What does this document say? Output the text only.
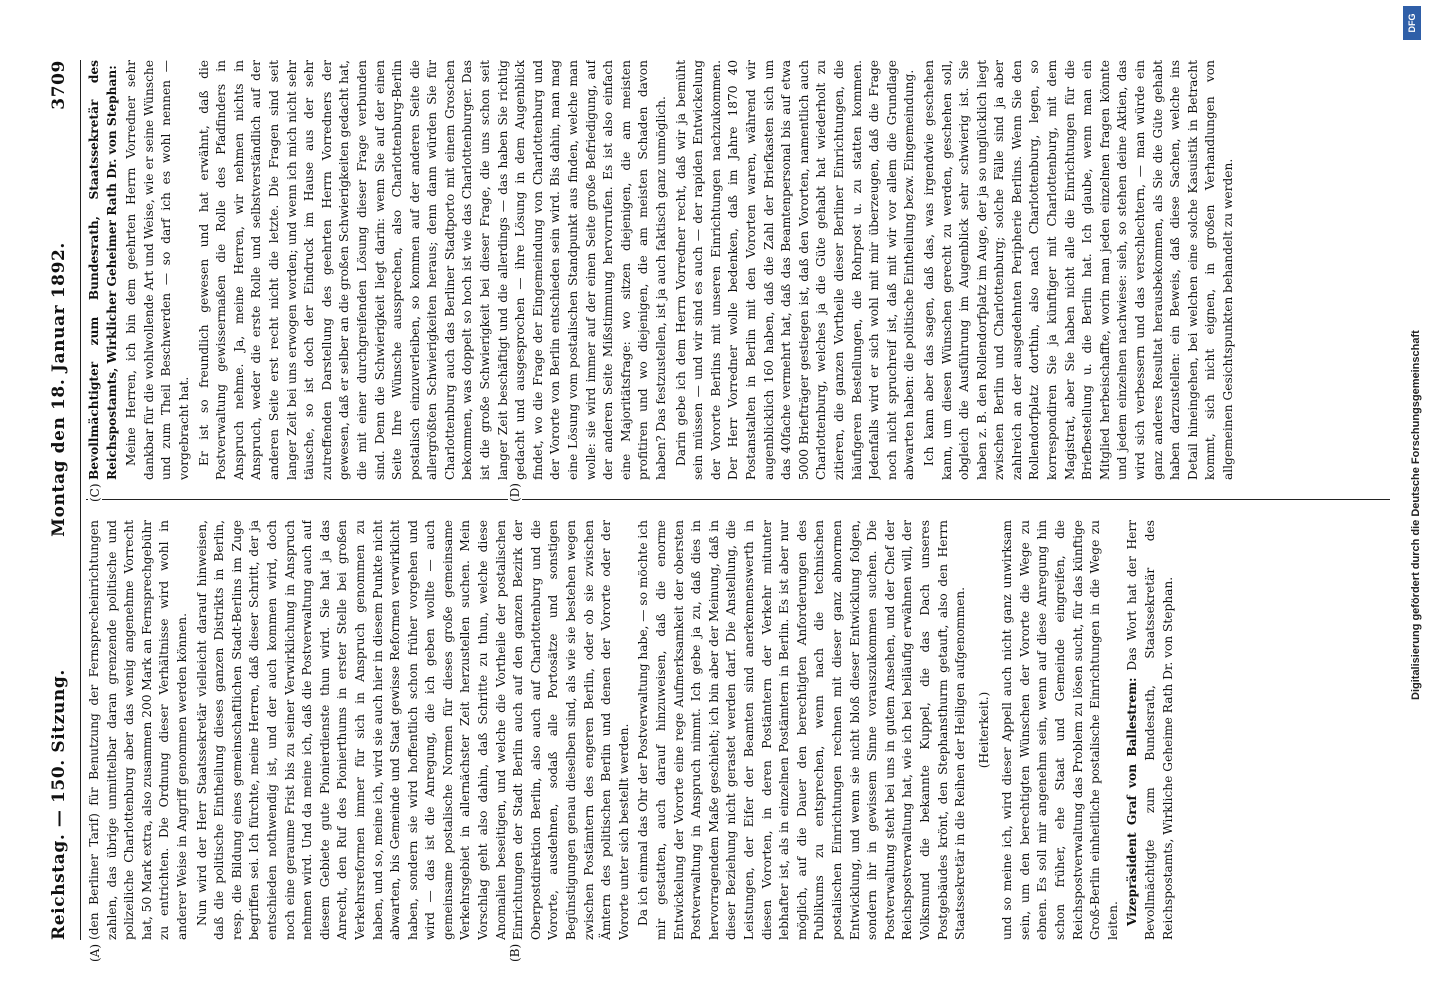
Reichstag. — 150. Sitzung.
Montag den 18. Januar 1892.
3709

(den Berliner Tarif) für Benutzung der Fernsprecheinrichtungen zahlen, das übrige unmittelbar daran grenzende politische und polizeiliche Charlottenburg aber das wenig angenehme Vorrecht hat, 50 Mark extra, also zusammen 200 Mark an Fernsprechgebühr zu entrichten. Die Ordnung dieser Verhältnisse wird wohl in anderer Weise in Angriff genommen werden können. Nun wird der Herr Staatssekretär vielleicht darauf hinweisen, daß die politische Eintheilung dieses ganzen Distrikts in Berlin, resp. die Bildung eines gemeinschaftlichen Stadt-Berlins im Zuge begriffen sei. Ich fürchte, meine Herren, daß dieser Schritt, der ja entschieden nothwendig ist, und der auch kommen wird, doch noch eine geraume Frist bis zu seiner Verwirklichung in Anspruch nehmen wird. Und da meine ich, daß die Postverwaltung auch auf diesem Gebiete gute Pionierdienste thun wird. Sie hat ja das Anrecht, den Ruf des Pionierthums in erster Stelle bei großen Verkehrsreformen immer für sich in Anspruch genommen zu haben, und so, meine ich, wird sie auch hier in diesem Punkte nicht abwarten, bis Gemeinde und Staat gewisse Reformen verwirklicht haben, sondern sie wird hoffentlich schon früher vorgehen und wird — das ist die Anregung, die ich geben wollte — auch gemeinsame postalische Normen für dieses große gemeinsame Verkehrsgebiet in allernächster Zeit herzustellen suchen. Mein Vorschlag geht also dahin, daß Schritte zu thun, welche diese Anomalien beseitigen, und welche die Vortheile der postalischen Einrichtungen der Stadt Berlin auch auf den ganzen Bezirk der Oberpostdirektion Berlin, also auch auf Charlottenburg und die Vororte, ausdehnen, sodaß alle Portosätze und sonstigen Begünstigungen genau dieselben sind, als wie sie bestehen wegen zwischen Postämtern des engeren Berlin, oder ob sie zwischen Ämtern des politischen Berlin und denen der Vororte oder der Vororte unter sich bestellt werden. Da ich einmal das Ohr der Postverwaltung habe, — so möchte ich mir gestatten, auch darauf hinzuweisen, daß die enorme Entwickelung der Vororte eine rege Aufmerksamkeit der obersten Postverwaltung in Anspruch nimmt. Ich gebe ja zu, daß dies in hervorragendem Maße geschieht; ich bin aber der Meinung, daß in dieser Beziehung nicht gerastet werden darf. Die Anstellung, die Leistungen, der Eifer der Beamten sind anerkennenswerth in diesen Vororten, in deren Postämtern der Verkehr mitunter lebhafter ist, als in einzelnen Postämtern in Berlin. Es ist aber nur möglich, auf die Dauer den berechtigten Anforderungen des Publikums zu entsprechen, wenn nach die technischen postalischen Einrichtungen rechnen mit dieser ganz abnormen Entwicklung, und wenn sie nicht bloß dieser Entwicklung folgen, sondern ihr in gewissem Sinne vorauszukommen suchen. Die Postverwaltung steht bei uns in gutem Ansehen, und der Chef der Reichspostverwaltung hat, wie ich bei beiläufig erwähnen will, der Volksmund die bekannte Kuppel, die das Dach unseres Postgebäudes krönt, den Stephansthurm getauft, also den Herrn Staatssekretär in die Reihen der Heiligen aufgenommen. (Heiterkeit.) und so meine ich, wird dieser Appell auch nicht ganz unwirksam sein, um den berechtigten Wünschen der Vororte die Wege zu ebnen. Es soll mir angenehm sein, wenn auf diese Anregung hin schon früher, ehe Staat und Gemeinde eingreifen, die Reichspostverwaltung das Problem zu lösen sucht, für das künftige Groß-Berlin einheitliche postalische Einrichtungen in die Wege zu leiten. Vizepräsident Graf von Ballestrem: Das Wort hat der Herr Bevollmächtigte zum Bundesrath, Staatssekretär des Reichspostamts, Wirkliche Geheime Rath Dr. von Stephan.

Bevollmächtigter zum Bundesrath, Staatssekretär des Reichspostamts, Wirklicher Geheimer Rath Dr. von Stephan: Meine Herren, ich bin dem geehrten Herrn Vorredner sehr dankbar für die wohlwollende Art und Weise, wie er seine Wünsche und zum Theil Beschwerden — so darf ich es wohl nennen — vorgebracht hat. Er ist so freundlich gewesen und hat erwähnt, daß die Postverwaltung gewissermaßen die Rolle des Pfadfinders in Anspruch nehme. Ja, meine Herren, wir nehmen nichts in Anspruch, weder die erste Rolle und selbstverständlich auf der anderen Seite erst recht nicht die letzte. Die Fragen sind seit langer Zeit bei uns erwogen worden; und wenn ich mich nicht sehr täusche, so ist doch der Eindruck im Hause aus der sehr zutreffenden Darstellung des geehrten Herrn Vorredners der gewesen, daß er selber an die großen Schwierigkeiten gedacht hat, die mit einer durchgreifenden Lösung dieser Frage verbunden sind. Denn die Schwierigkeit liegt darin: wenn Sie auf der einen Seite Ihre Wünsche aussprechen, also Charlottenburg-Berlin postalisch einzuverleiben, so kommen auf der anderen Seite die allergrößten Schwierigkeiten heraus; denn dann würden Sie für Charlottenburg auch das Berliner Stadtporto mit einem Groschen bekommen, was doppelt so hoch ist wie das Charlottenburger. Das ist die große Schwierigkeit bei dieser Frage, die uns schon seit langer Zeit beschäftigt und die allerdings — das haben Sie richtig gedacht und ausgesprochen — ihre Lösung in dem Augenblick findet, wo die Frage der Eingemeindung von Charlottenburg und der Vororte von Berlin entschieden sein wird. Bis dahin, man mag eine Lösung vom postalischen Standpunkt aus finden, welche man wolle: sie wird immer auf der einen Seite große Befriedigung, auf der anderen Seite Mißstimmung hervorrufen. Es ist also einfach eine Majoritätsfrage: wo sitzen diejenigen, die am meisten profitiren und wo diejenigen, die am meisten Schaden davon haben? Das festzustellen, ist ja auch faktisch ganz unmöglich. Darin gebe ich dem Herrn Vorredner recht, daß wir ja bemüht sein müssen — und wir sind es auch — der rapiden Entwickelung der Vororte Berlins mit unseren Einrichtungen nachzukommen. Der Herr Vorredner wolle bedenken, daß im Jahre 1870 40 Postanstalten in Berlin mit den Vororten waren, während wir augenblicklich 160 haben, daß die Zahl der Briefkasten sich um das 40fache vermehrt hat, daß das Beamtenpersonal bis auf etwa 5000 Briefträger gestiegen ist, daß den Vororten, namentlich auch Charlottenburg, welches ja die Güte gehabt hat wiederholt zu zitieren, die ganzen Vortheile dieser Berliner Einrichtungen, die häufigeren Bestellungen, die Rohrpost u. zu statten kommen. Jedenfalls wird er sich wohl mit mir überzeugen, daß die Frage noch nicht spruchreif ist, daß mit wir vor allem die Grundlage abwarten haben: die politische Eintheilung bezw. Eingemeindung. Ich kann aber das sagen, daß das, was irgendwie geschehen kann, um diesen Wünschen gerecht zu werden, geschehen soll, obgleich die Ausführung im Augenblick sehr schwierig ist. Sie haben z. B. den Rollendorfplatz im Auge, der ja so unglücklich liegt zwischen Berlin und Charlottenburg; solche Fälle sind ja aber zahlreich an der ausgedehnten Peripherie Berlins. Wenn Sie den Rollendorfplatz dorthin, also nach Charlottenburg, legen, so korrespondiren Sie ja künftiger mit Charlottenburg, mit dem Magistrat, aber Sie haben nicht alle die Einrichtungen für die Briefbestellung u. die Berlin hat. Ich glaube, wenn man ein Mitglied herbeischaffte, worin man jeden einzelnen fragen könnte und jedem einzelnen nachwiese: sieh, so stehen deine Aktien, das wird sich verbessern und das verschlechtern, — man würde ein ganz anderes Resultat herausbekommen, als Sie die Güte gehabt haben darzustellen: ein Beweis, daß diese Sachen, welche ins Detail hineingehen, bei welchen eine solche Kasuistik in Betracht kommt, sich nicht eignen, in großen Verhandlungen von allgemeinen Gesichtspunkten behandelt zu werden.

(A)	(B)
(C)	(D)
DFG
Digitalisierung gefördert durch die Deutsche Forschungsgemeinschaft
